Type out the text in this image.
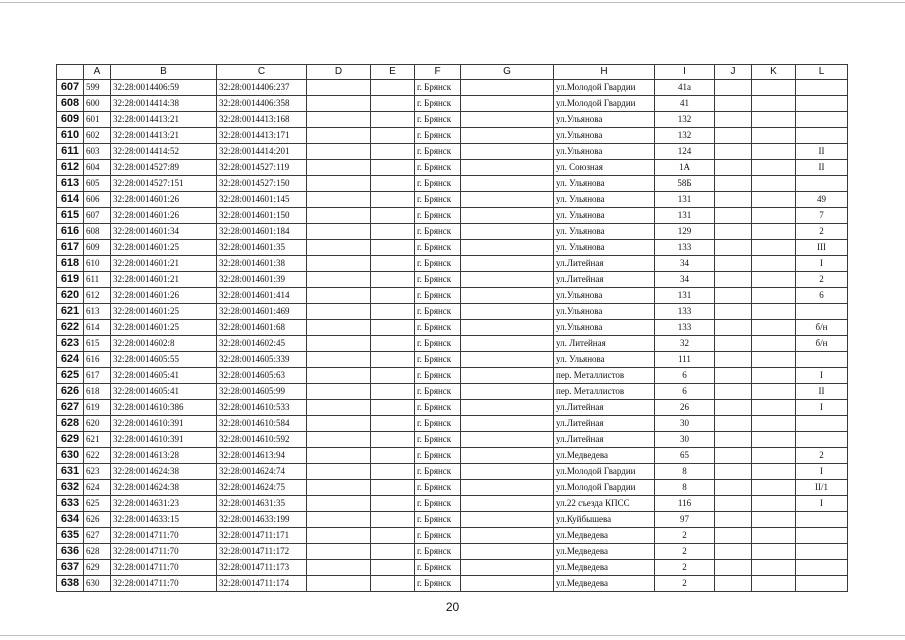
	A	B	C	D	E	F	G	H	I	J	K	L
607	599	32:28:0014406:59	32:28:0014406:237			г. Брянск		ул.Молодой Гвардии	41а			
608	600	32:28:0014414:38	32:28:0014406:358			г. Брянск		ул.Молодой Гвардии	41			
609	601	32:28:0014413:21	32:28:0014413:168			г. Брянск		ул.Ульянова	132			
610	602	32:28:0014413:21	32:28:0014413:171			г. Брянск		ул.Ульянова	132			
611	603	32:28:0014414:52	32:28:0014414:201			г. Брянск		ул.Ульянова	124			II
612	604	32:28:0014527:89	32:28:0014527:119			г. Брянск		ул. Союзная	1А			II
613	605	32:28:0014527:151	32:28:0014527:150			г. Брянск		ул. Ульянова	58Б			
614	606	32:28:0014601:26	32:28:0014601:145			г. Брянск		ул. Ульянова	131			49
615	607	32:28:0014601:26	32:28:0014601:150			г. Брянск		ул. Ульянова	131			7
616	608	32:28:0014601:34	32:28:0014601:184			г. Брянск		ул. Ульянова	129			2
617	609	32:28:0014601:25	32:28:0014601:35			г. Брянск		ул. Ульянова	133			III
618	610	32:28:0014601:21	32:28:0014601:38			г. Брянск		ул.Литейная	34			I
619	611	32:28:0014601:21	32:28:0014601:39			г. Брянск		ул.Литейная	34			2
620	612	32:28:0014601:26	32:28:0014601:414			г. Брянск		ул.Ульянова	131			6
621	613	32:28:0014601:25	32:28:0014601:469			г. Брянск		ул.Ульянова	133			
622	614	32:28:0014601:25	32:28:0014601:68			г. Брянск		ул.Ульянова	133			б/н
623	615	32:28:0014602:8	32:28:0014602:45			г. Брянск		ул. Литейная	32			б/н
624	616	32:28:0014605:55	32:28:0014605:339			г. Брянск		ул. Ульянова	111			
625	617	32:28:0014605:41	32:28:0014605:63			г. Брянск		пер. Металлистов	6			I
626	618	32:28:0014605:41	32:28:0014605:99			г. Брянск		пер. Металлистов	6			II
627	619	32:28:0014610:386	32:28:0014610:533			г. Брянск		ул.Литейная	26			I
628	620	32:28:0014610:391	32:28:0014610:584			г. Брянск		ул.Литейная	30			
629	621	32:28:0014610:391	32:28:0014610:592			г. Брянск		ул.Литейная	30			
630	622	32:28:0014613:28	32:28:0014613:94			г. Брянск		ул.Медведева	65			2
631	623	32:28:0014624:38	32:28:0014624:74			г. Брянск		ул.Молодой Гвардии	8			I
632	624	32:28:0014624:38	32:28:0014624:75			г. Брянск		ул.Молодой Гвардии	8			II/1
633	625	32:28:0014631:23	32:28:0014631:35			г. Брянск		ул.22 съезда КПСС	116			I
634	626	32:28:0014633:15	32:28:0014633:199			г. Брянск		ул.Куйбышева	97			
635	627	32:28:0014711:70	32:28:0014711:171			г. Брянск		ул.Медведева	2			
636	628	32:28:0014711:70	32:28:0014711:172			г. Брянск		ул.Медведева	2			
637	629	32:28:0014711:70	32:28:0014711:173			г. Брянск		ул.Медведева	2			
638	630	32:28:0014711:70	32:28:0014711:174			г. Брянск		ул.Медведева	2			
20
